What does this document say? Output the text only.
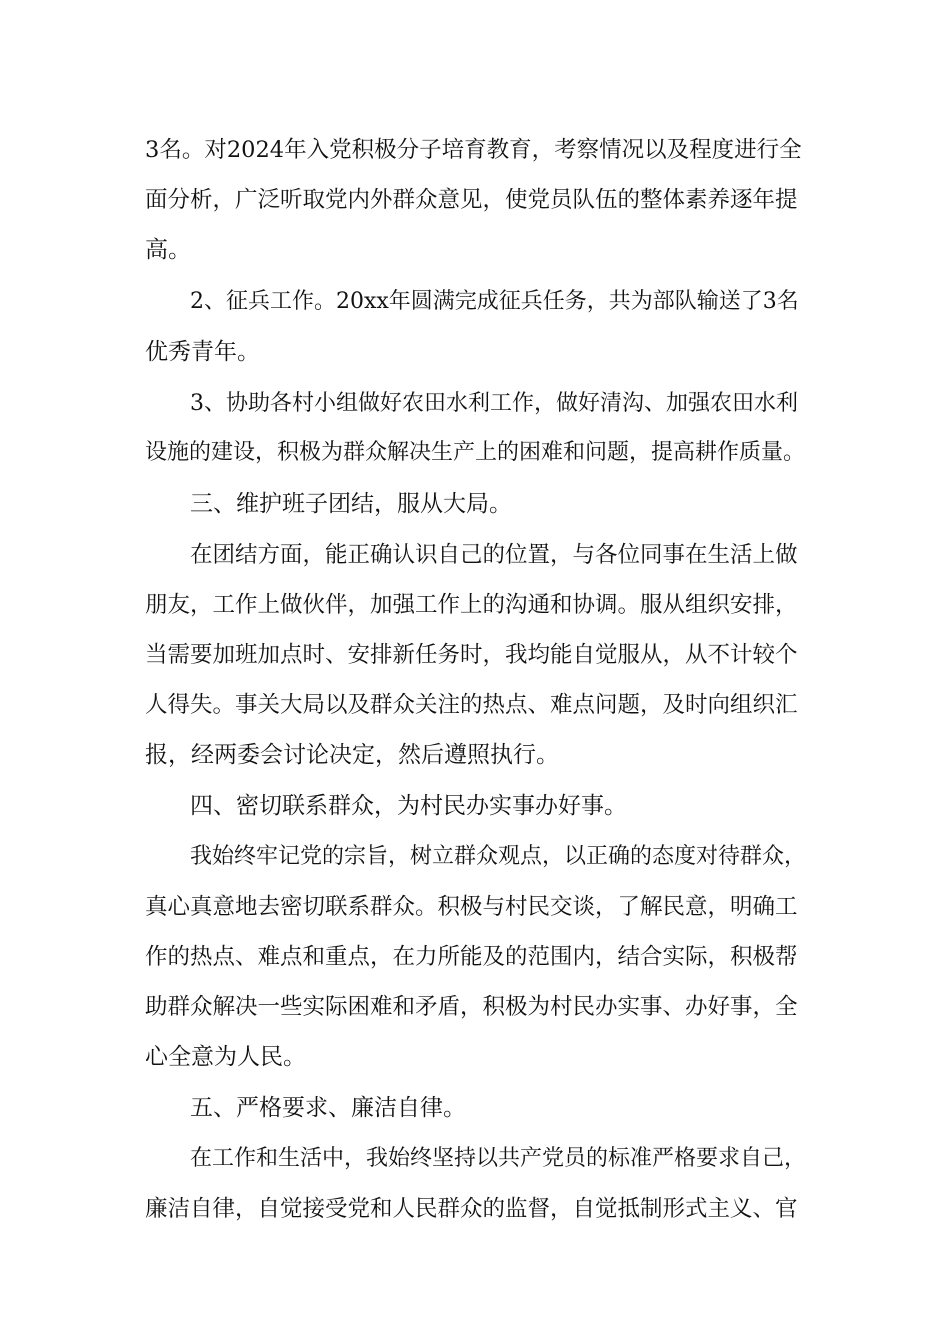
3名。对2024年入党积极分子培育教育，考察情况以及程度进行全
面分析，广泛听取党内外群众意见，使党员队伍的整体素养逐年提
高。
2、征兵工作。20xx年圆满完成征兵任务，共为部队输送了3名
优秀青年。
3、协助各村小组做好农田水利工作，做好清沟、加强农田水利
设施的建设，积极为群众解决生产上的困难和问题，提高耕作质量。
三、维护班子团结，服从大局。
在团结方面，能正确认识自己的位置，与各位同事在生活上做
朋友，工作上做伙伴，加强工作上的沟通和协调。服从组织安排，
当需要加班加点时、安排新任务时，我均能自觉服从，从不计较个
人得失。事关大局以及群众关注的热点、难点问题，及时向组织汇
报，经两委会讨论决定，然后遵照执行。
四、密切联系群众，为村民办实事办好事。
我始终牢记党的宗旨，树立群众观点，以正确的态度对待群众，
真心真意地去密切联系群众。积极与村民交谈，了解民意，明确工
作的热点、难点和重点，在力所能及的范围内，结合实际，积极帮
助群众解决一些实际困难和矛盾，积极为村民办实事、办好事，全
心全意为人民。
五、严格要求、廉洁自律。
在工作和生活中，我始终坚持以共产党员的标准严格要求自己，
廉洁自律，自觉接受党和人民群众的监督，自觉抵制形式主义、官
